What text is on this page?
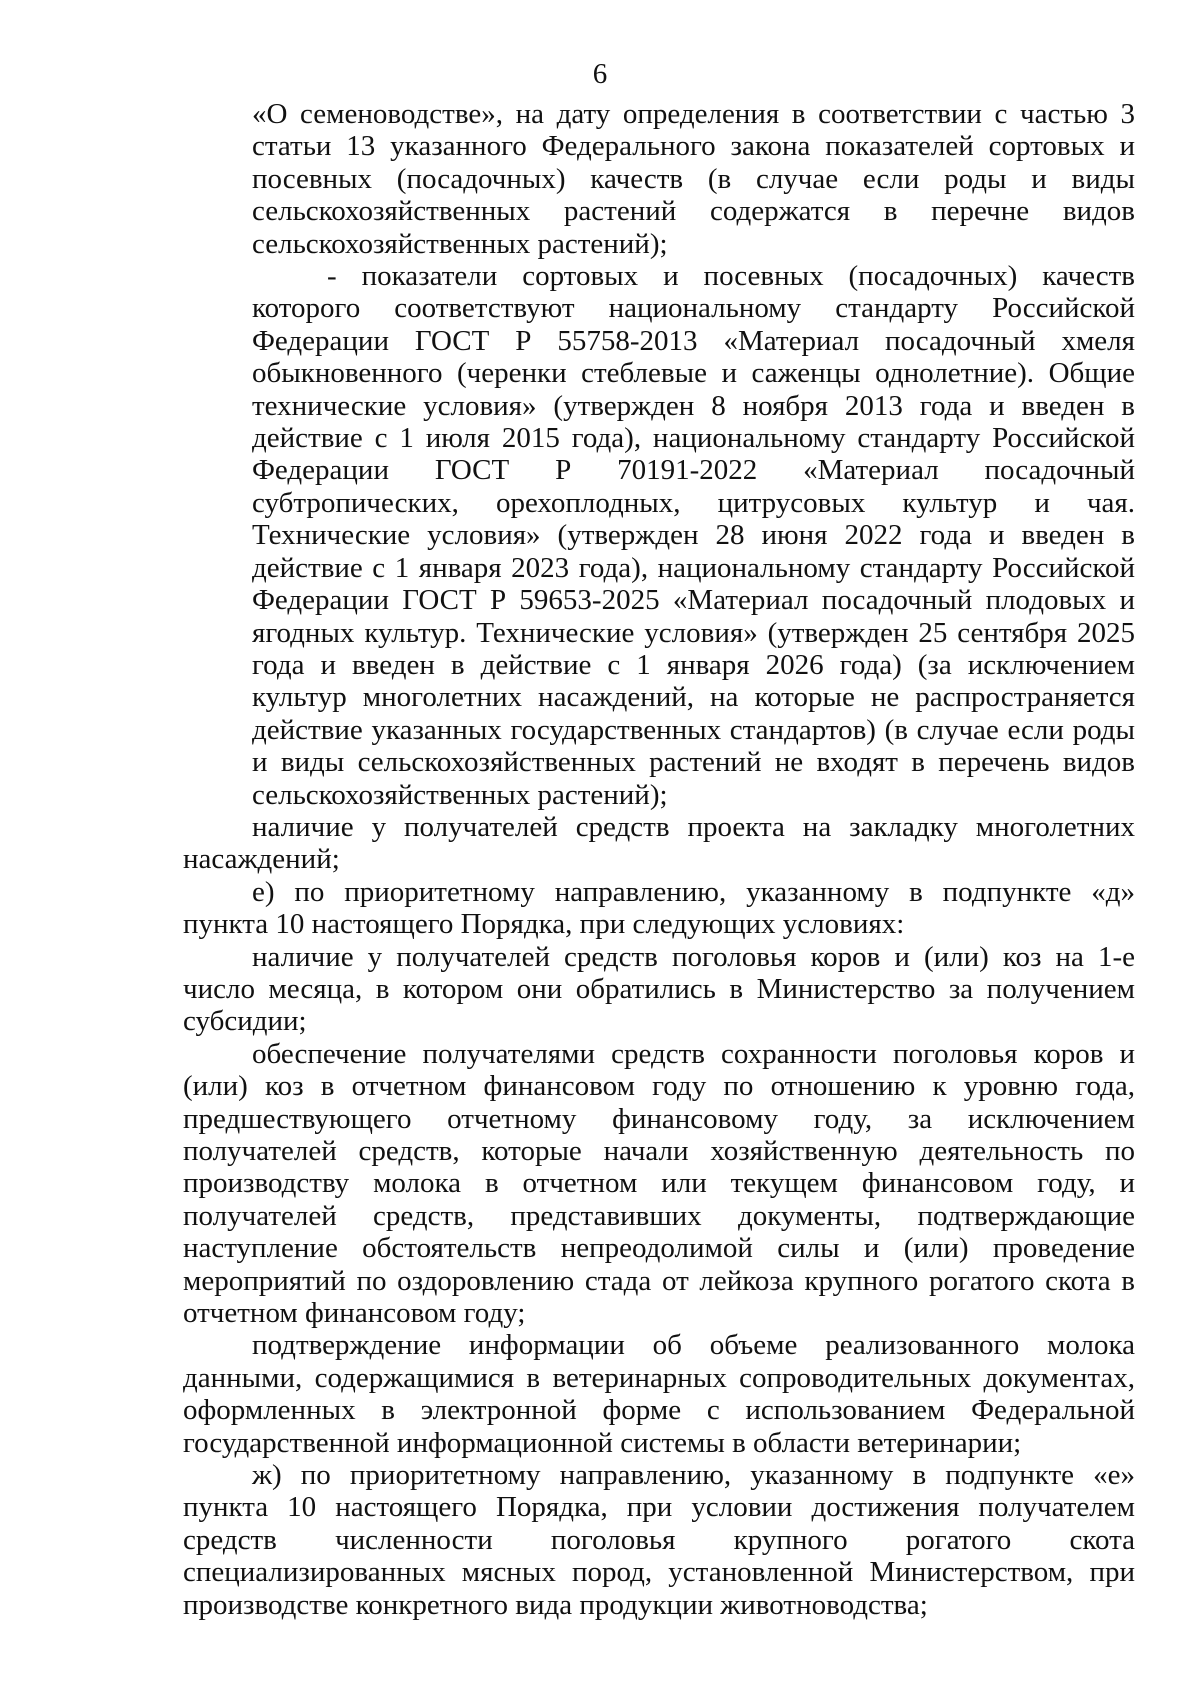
6

«О семеноводстве», на дату определения в соответствии с частью 3 статьи 13 указанного Федерального закона показателей сортовых и посевных (посадочных) качеств (в случае если роды и виды сельскохозяйственных растений содержатся в перечне видов сельскохозяйственных растений);

- показатели сортовых и посевных (посадочных) качеств которого соответствуют национальному стандарту Российской Федерации ГОСТ Р 55758-2013 «Материал посадочный хмеля обыкновенного (черенки стеблевые и саженцы однолетние). Общие технические условия» (утвержден 8 ноября 2013 года и введен в действие с 1 июля 2015 года), национальному стандарту Российской Федерации ГОСТ Р 70191-2022 «Материал посадочный субтропических, орехоплодных, цитрусовых культур и чая. Технические условия» (утвержден 28 июня 2022 года и введен в действие с 1 января 2023 года), национальному стандарту Российской Федерации ГОСТ Р 59653-2025 «Материал посадочный плодовых и ягодных культур. Технические условия» (утвержден 25 сентября 2025 года и введен в действие с 1 января 2026 года) (за исключением культур многолетних насаждений, на которые не распространяется действие указанных государственных стандартов) (в случае если роды и виды сельскохозяйственных растений не входят в перечень видов сельскохозяйственных растений);

наличие у получателей средств проекта на закладку многолетних насаждений;

е) по приоритетному направлению, указанному в подпункте «д» пункта 10 настоящего Порядка, при следующих условиях:

наличие у получателей средств поголовья коров и (или) коз на 1-е число месяца, в котором они обратились в Министерство за получением субсидии;

обеспечение получателями средств сохранности поголовья коров и (или) коз в отчетном финансовом году по отношению к уровню года, предшествующего отчетному финансовому году, за исключением получателей средств, которые начали хозяйственную деятельность по производству молока в отчетном или текущем финансовом году, и получателей средств, представивших документы, подтверждающие наступление обстоятельств непреодолимой силы и (или) проведение мероприятий по оздоровлению стада от лейкоза крупного рогатого скота в отчетном финансовом году;

подтверждение информации об объеме реализованного молока данными, содержащимися в ветеринарных сопроводительных документах, оформленных в электронной форме с использованием Федеральной государственной информационной системы в области ветеринарии;

ж) по приоритетному направлению, указанному в подпункте «е» пункта 10 настоящего Порядка, при условии достижения получателем средств численности поголовья крупного рогатого скота специализированных мясных пород, установленной Министерством, при производстве конкретного вида продукции животноводства;
